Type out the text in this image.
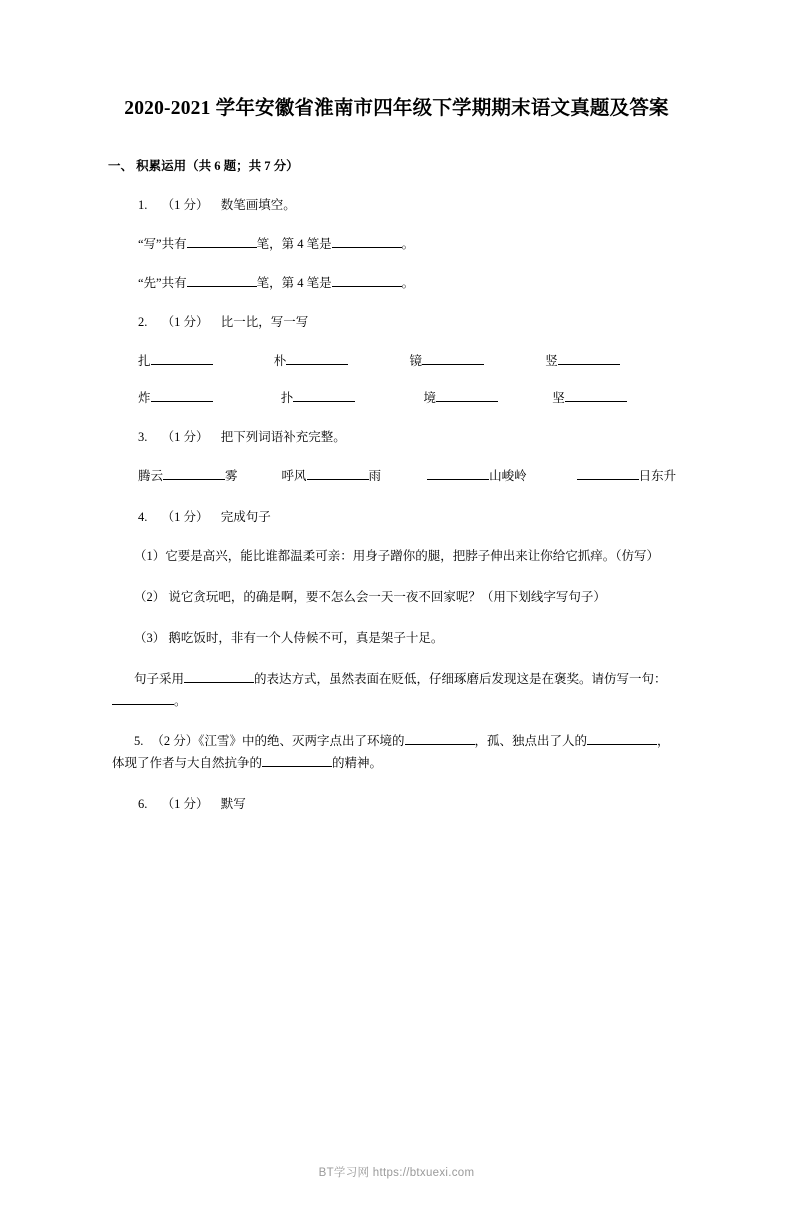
2020-2021 学年安徽省淮南市四年级下学期期末语文真题及答案
一、 积累运用（共 6 题；共 7 分）
1. （1 分） 数笔画填空。
“写”共有	笔，第 4 笔是	。
“先”共有	笔，第 4 笔是	。
2. （1 分） 比一比，写一写
扎	朴	镜	竖
炸	扑	境	坚
3. （1 分） 把下列词语补充完整。
腾云	雾	呼风	雨	山峻岭	日东升
4. （1 分） 完成句子
（1）它要是高兴，能比谁都温柔可亲：用身子蹭你的腿，把脖子伸出来让你给它抓痒。（仿写）
（2） 说它贪玩吧，的确是啊，要不怎么会一天一夜不回家呢？（用下划线字写句子）
（3） 鹅吃饭时，非有一个人侍候不可，真是架子十足。
句子采用	的表达方式，虽然表面在贬低，仔细琢磨后发现这是在褒奖。请仿写一句：。
5. （2 分）《江雪》中的绝、灭两字点出了环境的	，孤、独点出了人的	，体现了作者与大自然抗争的	的精神。
6. （1 分） 默写
BT学习网 https://btxuexi.com
